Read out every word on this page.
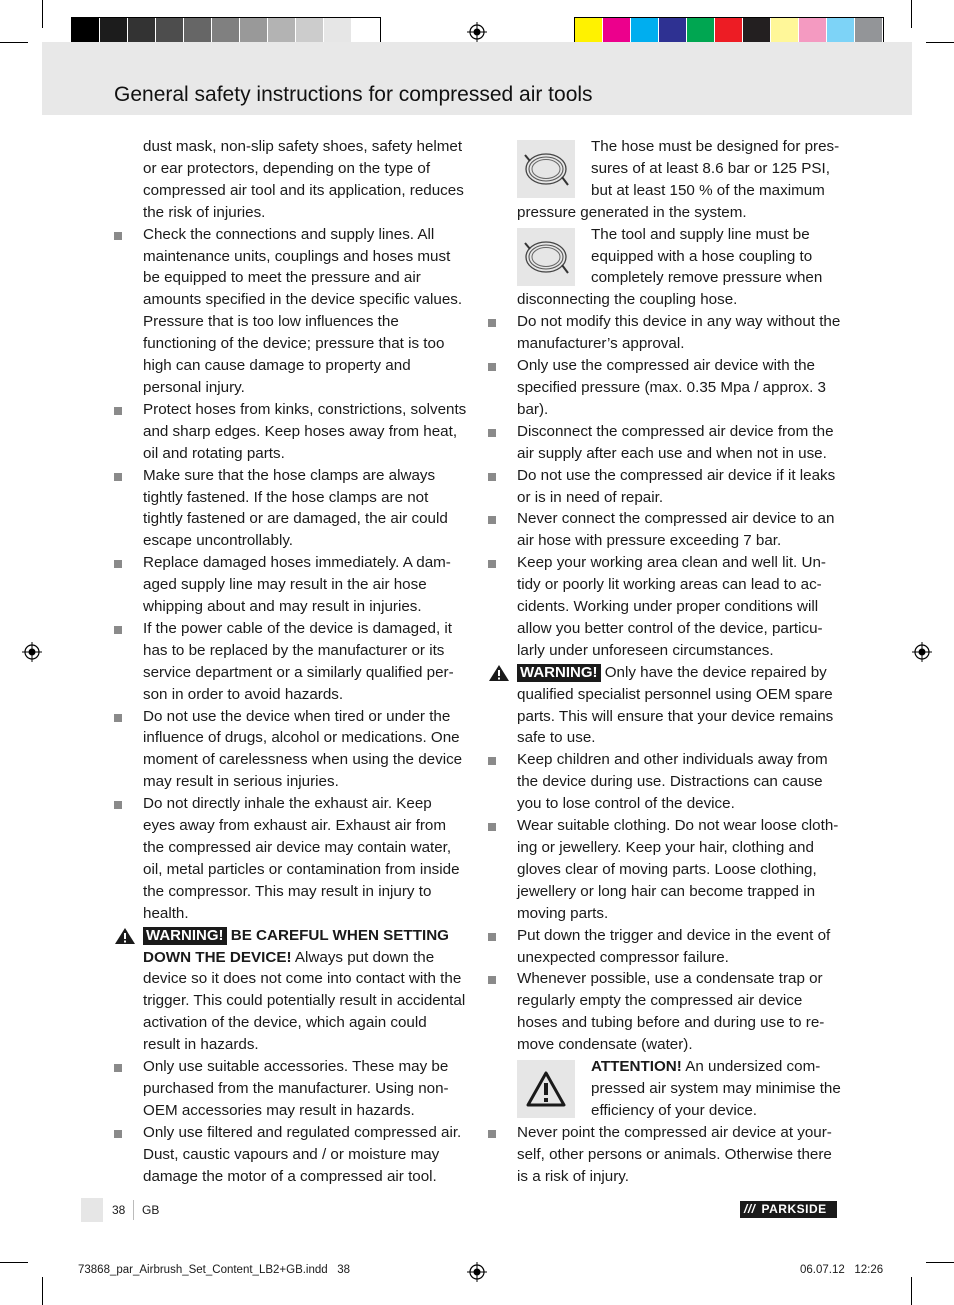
General safety instructions for compressed air tools

dust mask, non-slip safety shoes, safety helmet or ear protectors, depending on the type of compressed air tool and its application, reduces the risk of injuries.

Check the connections and supply lines. All maintenance units, couplings and hoses must be equipped to meet the pressure and air amounts specified in the device specific values. Pressure that is too low influences the functioning of the device; pressure that is too high can cause damage to property and personal injury.

Protect hoses from kinks, constrictions, solvents and sharp edges. Keep hoses away from heat, oil and rotating parts.

Make sure that the hose clamps are always tightly fastened. If the hose clamps are not tightly fastened or are damaged, the air could escape uncontrollably.

Replace damaged hoses immediately. A dam-aged supply line may result in the air hose whipping about and may result in injuries.

If the power cable of the device is damaged, it has to be replaced by the manufacturer or its service department or a similarly qualified per-son in order to avoid hazards.

Do not use the device when tired or under the influence of drugs, alcohol or medications. One moment of carelessness when using the device may result in serious injuries.

Do not directly inhale the exhaust air. Keep eyes away from exhaust air. Exhaust air from the compressed air device may contain water, oil, metal particles or contamination from inside the compressor. This may result in injury to health.

WARNING! BE CAREFUL WHEN SETTING DOWN THE DEVICE! Always put down the device so it does not come into contact with the trigger. This could potentially result in accidental activation of the device, which again could result in hazards.

Only use suitable accessories. These may be purchased from the manufacturer. Using non-OEM accessories may result in hazards.

Only use filtered and regulated compressed air. Dust, caustic vapours and / or moisture may damage the motor of a compressed air tool.

The hose must be designed for pres-sures of at least 8.6 bar or 125 PSI, but at least 150 % of the maximum pressure generated in the system.

The tool and supply line must be equipped with a hose coupling to completely remove pressure when disconnecting the coupling hose.

Do not modify this device in any way without the manufacturer’s approval.

Only use the compressed air device with the specified pressure (max. 0.35 Mpa / approx. 3 bar).

Disconnect the compressed air device from the air supply after each use and when not in use.

Do not use the compressed air device if it leaks or is in need of repair.

Never connect the compressed air device to an air hose with pressure exceeding 7 bar.

Keep your working area clean and well lit. Un-tidy or poorly lit working areas can lead to ac-cidents. Working under proper conditions will allow you better control of the device, particu-larly under unforeseen circumstances.

WARNING! Only have the device repaired by qualified specialist personnel using OEM spare parts. This will ensure that your device remains safe to use.

Keep children and other individuals away from the device during use. Distractions can cause you to lose control of the device.

Wear suitable clothing. Do not wear loose cloth-ing or jewellery. Keep your hair, clothing and gloves clear of moving parts. Loose clothing, jewellery or long hair can become trapped in moving parts.

Put down the trigger and device in the event of unexpected compressor failure.

Whenever possible, use a condensate trap or regularly empty the compressed air device hoses and tubing before and during use to re-move condensate (water).

ATTENTION! An undersized com-pressed air system may minimise the efficiency of your device.

Never point the compressed air device at your-self, other persons or animals. Otherwise there is a risk of injury.

38 GB	/// PARKSIDE
73868_par_Airbrush_Set_Content_LB2+GB.indd   38	06.07.12   12:26
